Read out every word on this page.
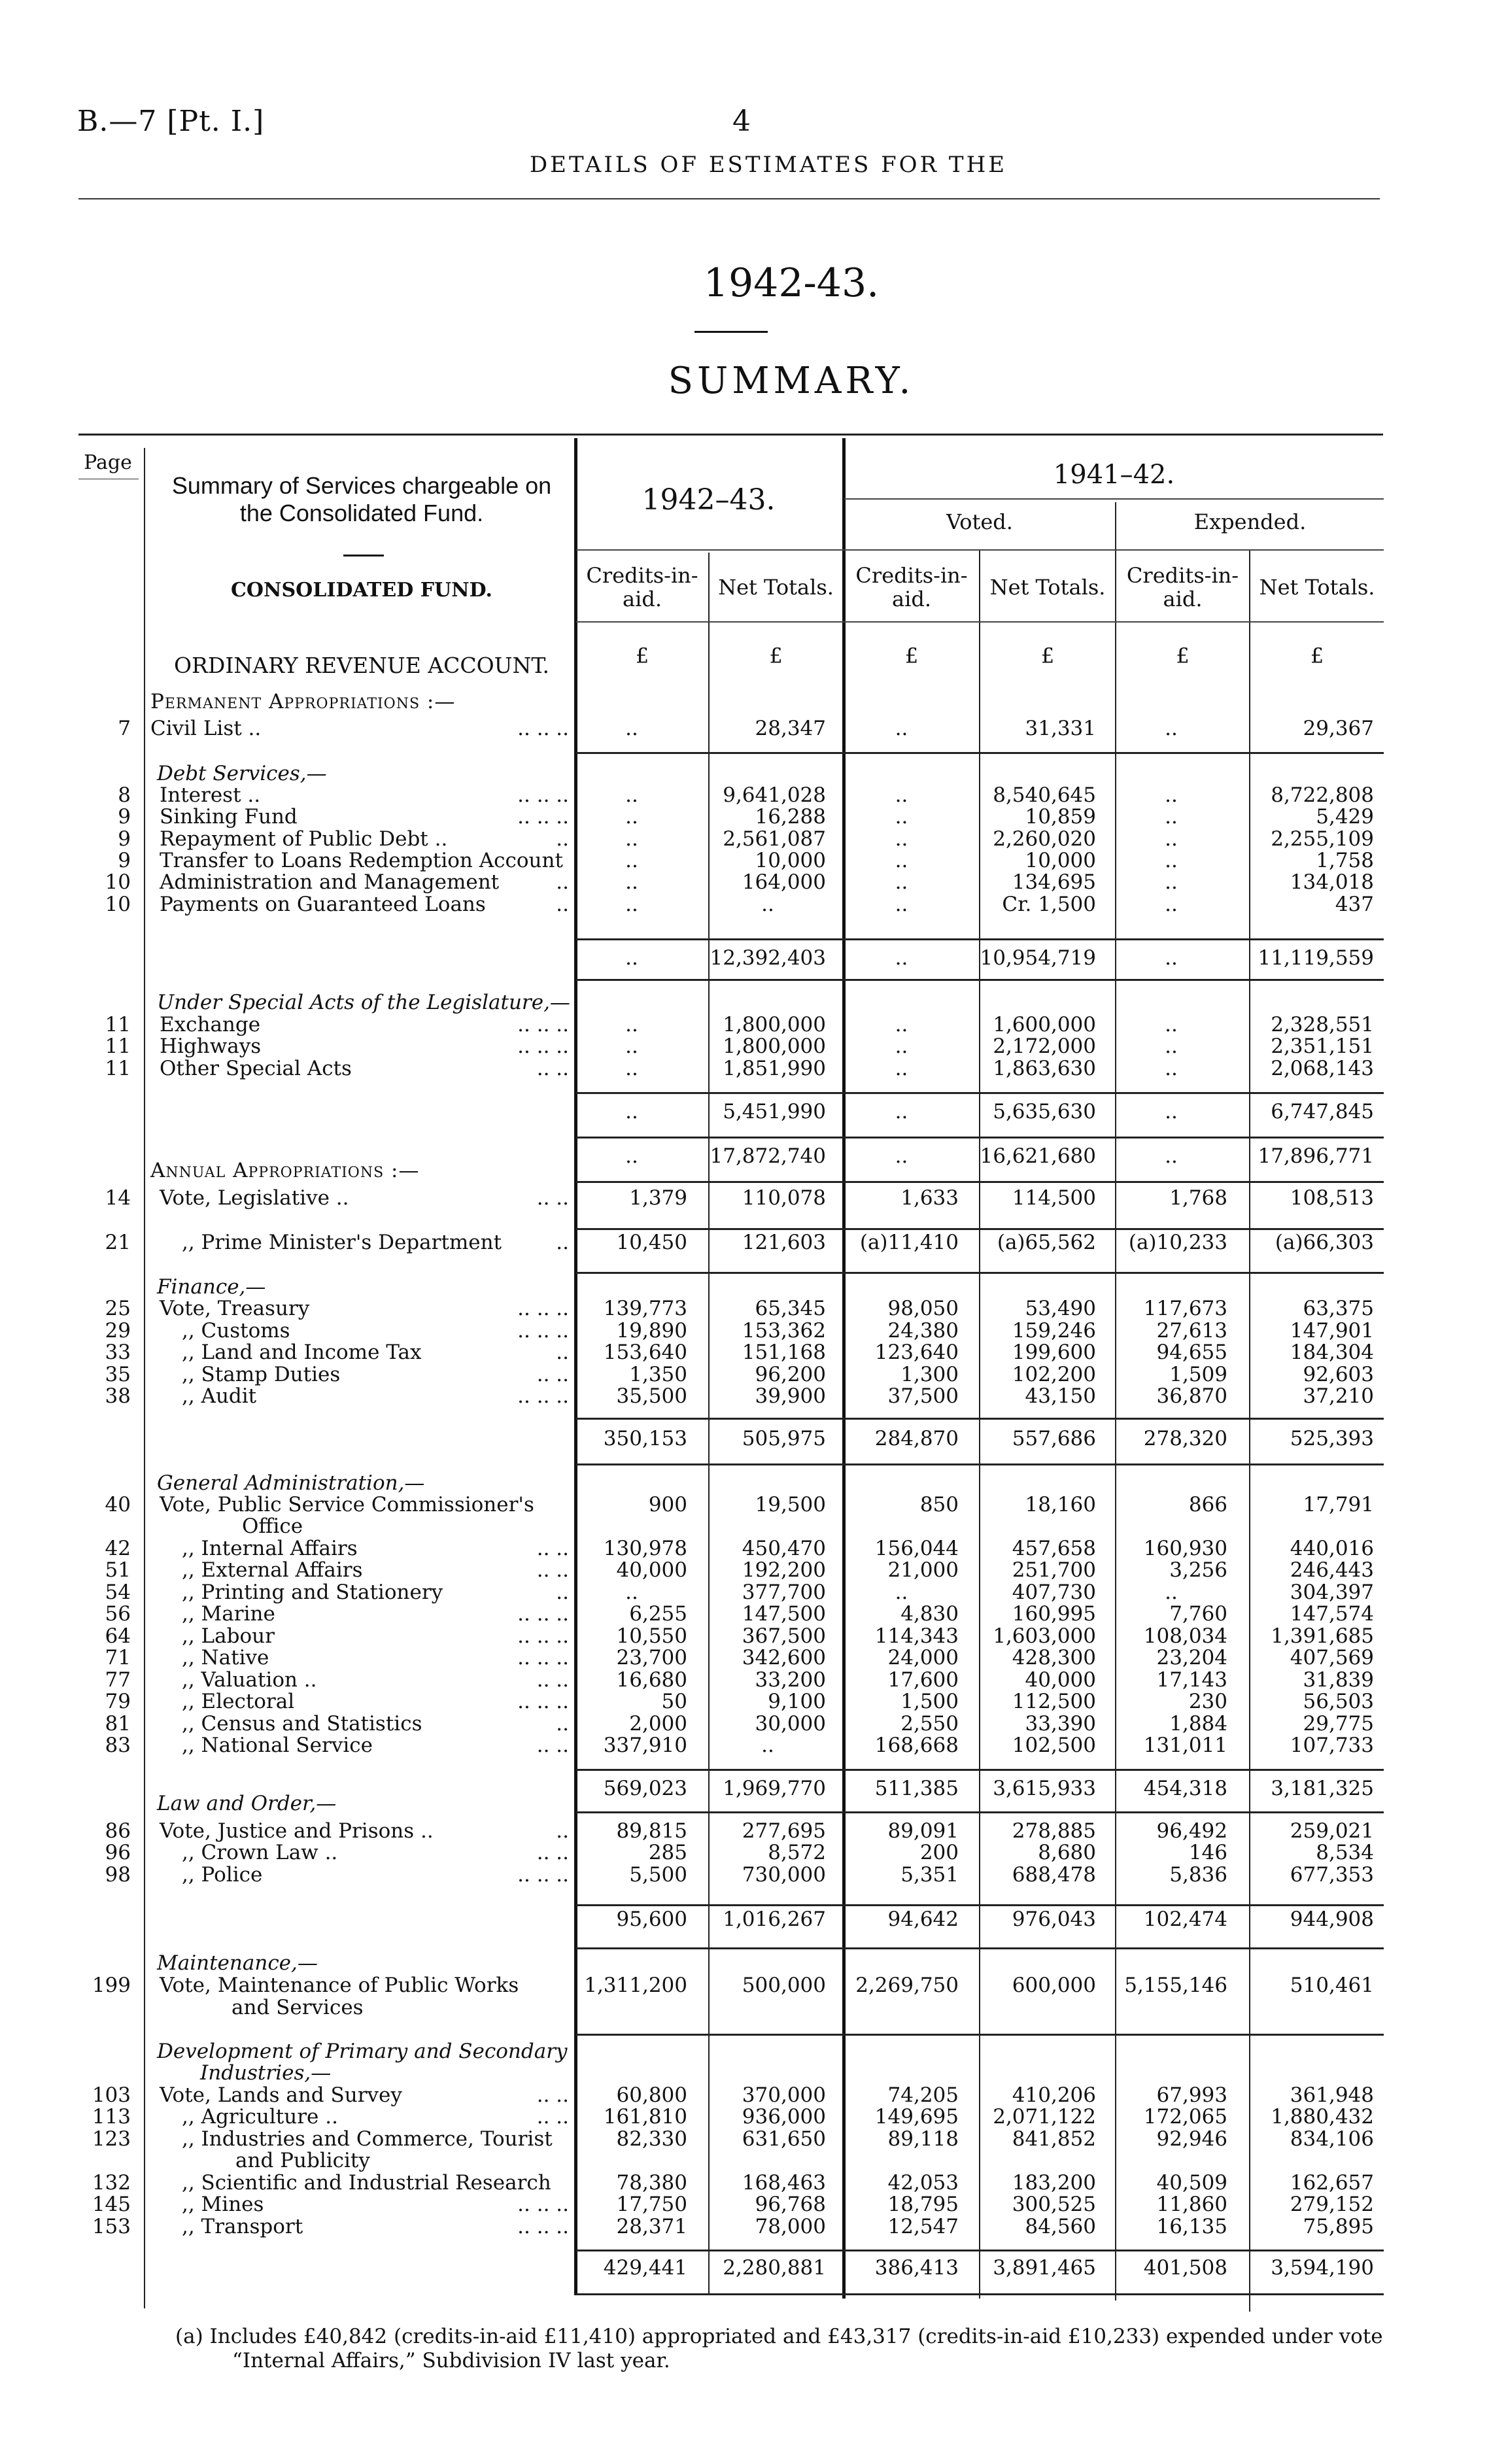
B.—7 [Pt. I.]	4
DETAILS OF ESTIMATES FOR THE
1942-43.
SUMMARY.
Page
Summary of Services chargeable on
the Consolidated Fund.
CONSOLIDATED FUND.
ORDINARY REVENUE ACCOUNT.
1942–43.
1941–42.
Voted.	Expended.
Credits-in-
aid.	Net Totals.	Credits-in-
aid.	Net Totals.	Credits-in-
aid.	Net Totals.
£	£	£	£	£	£
Permanent Appropriations :—
7 Civil List ..	.. .. ..	..	28,347	..	31,331	..	29,367
Debt Services,—
8 Interest ..	.. .. ..	..	9,641,028	..	8,540,645	..	8,722,808
9 Sinking Fund	.. .. ..	..	16,288	..	10,859	..	5,429
9 Repayment of Public Debt ..	..	..	2,561,087	..	2,260,020	..	2,255,109
9 Transfer to Loans Redemption Account	..	10,000	..	10,000	..	1,758
10 Administration and Management	..	..	164,000	..	134,695	..	134,018
10 Payments on Guaranteed Loans	..	..	..	..	Cr. 1,500	..	437
..	12,392,403	..	10,954,719	..	11,119,559
Under Special Acts of the Legislature,—
11 Exchange	.. .. ..	..	1,800,000	..	1,600,000	..	2,328,551
11 Highways	.. .. ..	..	1,800,000	..	2,172,000	..	2,351,151
11 Other Special Acts	.. ..	..	1,851,990	..	1,863,630	..	2,068,143
..	5,451,990	..	5,635,630	..	6,747,845
..	17,872,740	..	16,621,680	..	17,896,771
Annual Appropriations :—
14 Vote, Legislative ..	.. ..	1,379	110,078	1,633	114,500	1,768	108,513
21	,, Prime Minister's Department	..	10,450	121,603	(a)11,410	(a)65,562	(a)10,233	(a)66,303
Finance,—
25 Vote, Treasury	.. .. ..	139,773	65,345	98,050	53,490	117,673	63,375
29	,, Customs	.. .. ..	19,890	153,362	24,380	159,246	27,613	147,901
33	,, Land and Income Tax	..	153,640	151,168	123,640	199,600	94,655	184,304
35	,, Stamp Duties	.. ..	1,350	96,200	1,300	102,200	1,509	92,603
38	,, Audit	.. .. ..	35,500	39,900	37,500	43,150	36,870	37,210
350,153	505,975	284,870	557,686	278,320	525,393
General Administration,—
40 Vote, Public Service Commissioner's	900	19,500	850	18,160	866	17,791
Office
42	,, Internal Affairs	.. ..	130,978	450,470	156,044	457,658	160,930	440,016
51	,, External Affairs	.. ..	40,000	192,200	21,000	251,700	3,256	246,443
54	,, Printing and Stationery	..	..	377,700	..	407,730	..	304,397
56	,, Marine	.. .. ..	6,255	147,500	4,830	160,995	7,760	147,574
64	,, Labour	.. .. ..	10,550	367,500	114,343	1,603,000	108,034	1,391,685
71	,, Native	.. .. ..	23,700	342,600	24,000	428,300	23,204	407,569
77	,, Valuation ..	.. ..	16,680	33,200	17,600	40,000	17,143	31,839
79	,, Electoral	.. .. ..	50	9,100	1,500	112,500	230	56,503
81	,, Census and Statistics	..	2,000	30,000	2,550	33,390	1,884	29,775
83	,, National Service	.. ..	337,910	..	168,668	102,500	131,011	107,733
569,023	1,969,770	511,385	3,615,933	454,318	3,181,325
Law and Order,—
86 Vote, Justice and Prisons ..	..	89,815	277,695	89,091	278,885	96,492	259,021
96	,, Crown Law ..	.. ..	285	8,572	200	8,680	146	8,534
98	,, Police	.. .. ..	5,500	730,000	5,351	688,478	5,836	677,353
95,600	1,016,267	94,642	976,043	102,474	944,908
Maintenance,—
199 Vote, Maintenance of Public Works	1,311,200	500,000	2,269,750	600,000	5,155,146	510,461
and Services
Development of Primary and Secondary
Industries,—
103 Vote, Lands and Survey	.. ..	60,800	370,000	74,205	410,206	67,993	361,948
113	,, Agriculture ..	.. ..	161,810	936,000	149,695	2,071,122	172,065	1,880,432
123	,, Industries and Commerce, Tourist	82,330	631,650	89,118	841,852	92,946	834,106
and Publicity
132	,, Scientific and Industrial Research	78,380	168,463	42,053	183,200	40,509	162,657
145	,, Mines	.. .. ..	17,750	96,768	18,795	300,525	11,860	279,152
153	,, Transport	.. .. ..	28,371	78,000	12,547	84,560	16,135	75,895
429,441	2,280,881	386,413	3,891,465	401,508	3,594,190
(a) Includes £40,842 (credits-in-aid £11,410) appropriated and £43,317 (credits-in-aid £10,233) expended under vote
“Internal Affairs,” Subdivision IV last year.
